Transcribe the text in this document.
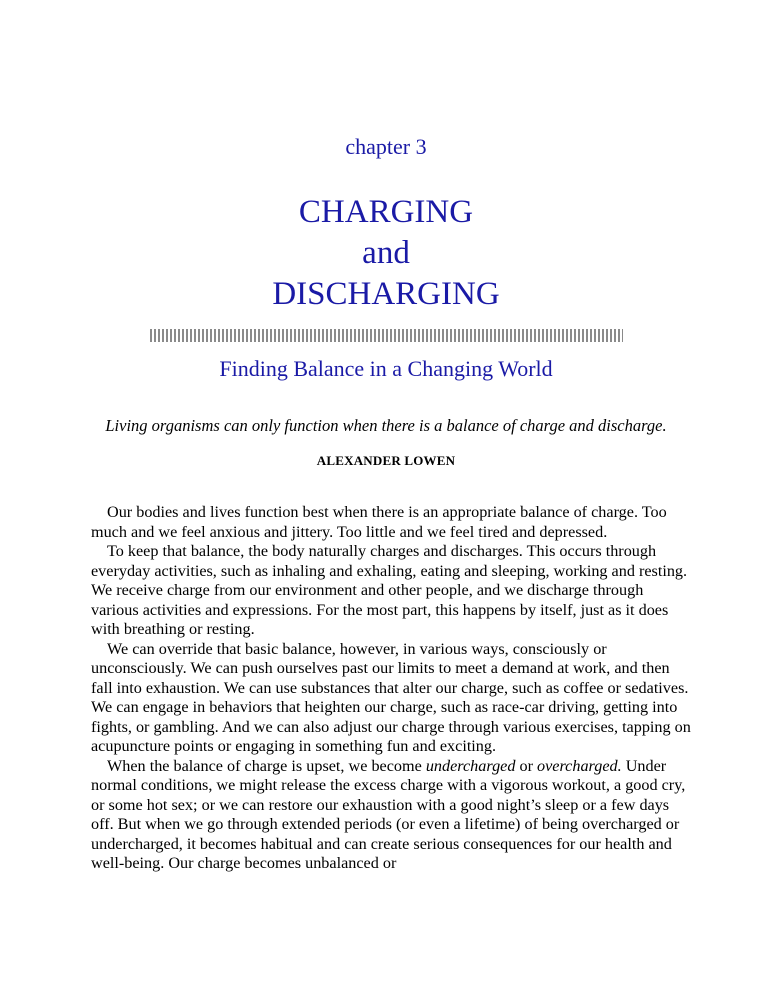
chapter 3
CHARGING
and
DISCHARGING
Finding Balance in a Changing World
Living organisms can only function when there is a balance of charge and discharge.
ALEXANDER LOWEN

Our bodies and lives function best when there is an appropriate balance of charge. Too much and we feel anxious and jittery. Too little and we feel tired and depressed.

To keep that balance, the body naturally charges and discharges. This occurs through everyday activities, such as inhaling and exhaling, eating and sleeping, working and resting. We receive charge from our environment and other people, and we discharge through various activities and expressions. For the most part, this happens by itself, just as it does with breathing or resting.

We can override that basic balance, however, in various ways, consciously or unconsciously. We can push ourselves past our limits to meet a demand at work, and then fall into exhaustion. We can use substances that alter our charge, such as coffee or sedatives. We can engage in behaviors that heighten our charge, such as race-car driving, getting into fights, or gambling. And we can also adjust our charge through various exercises, tapping on acupuncture points or engaging in something fun and exciting.

When the balance of charge is upset, we become undercharged or overcharged. Under normal conditions, we might release the excess charge with a vigorous workout, a good cry, or some hot sex; or we can restore our exhaustion with a good night’s sleep or a few days off. But when we go through extended periods (or even a lifetime) of being overcharged or undercharged, it becomes habitual and can create serious consequences for our health and well-being. Our charge becomes unbalanced or
